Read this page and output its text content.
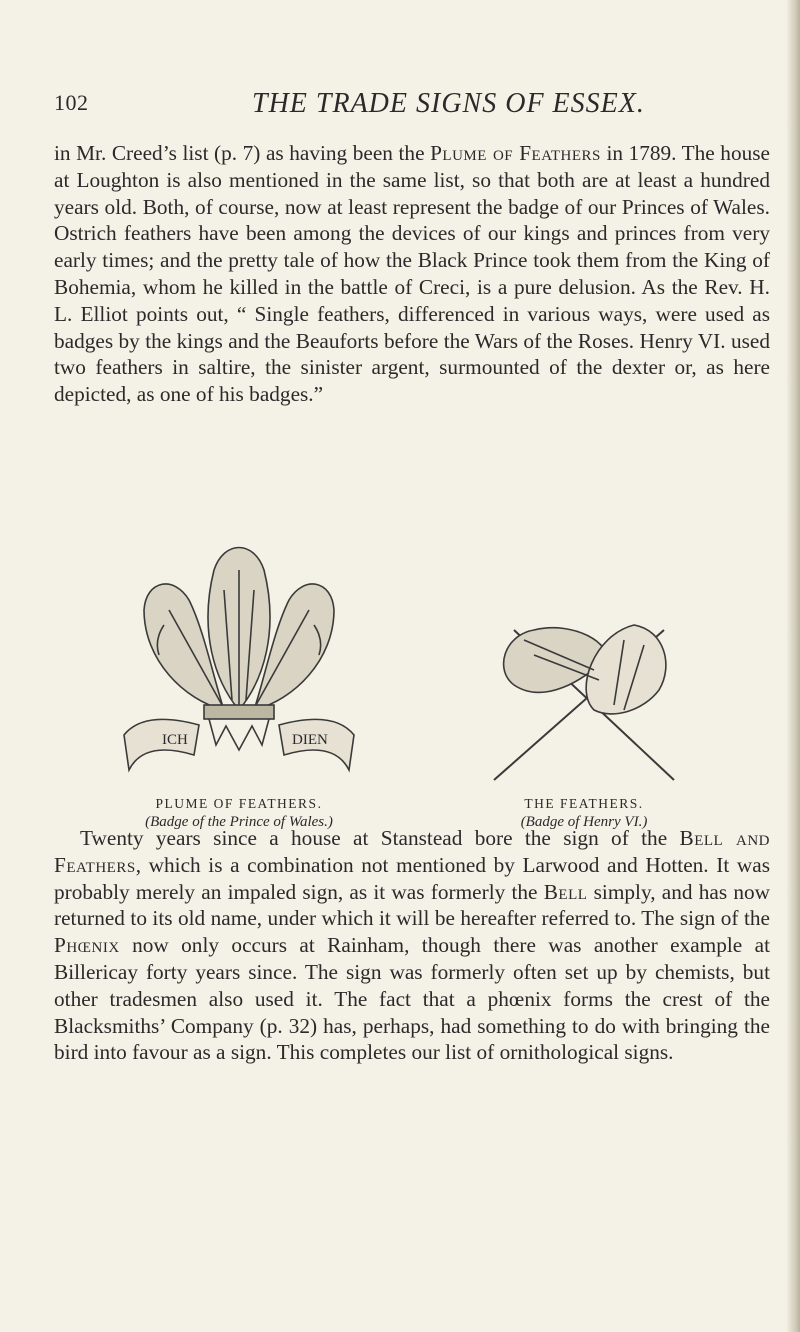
102	THE TRADE SIGNS OF ESSEX.

in Mr. Creed’s list (p. 7) as having been the Plume of Feathers in 1789. The house at Loughton is also mentioned in the same list, so that both are at least a hundred years old. Both, of course, now at least represent the badge of our Princes of Wales. Ostrich feathers have been among the devices of our kings and princes from very early times; and the pretty tale of how the Black Prince took them from the King of Bohemia, whom he killed in the battle of Creci, is a pure delusion. As the Rev. H. L. Elliot points out, “ Single feathers, differenced in various ways, were used as badges by the kings and the Beauforts before the Wars of the Roses. Henry VI. used two feathers in saltire, the sinister argent, surmounted of the dexter or, as here depicted, as one of his badges.”

ICH	DIEN
PLUME OF FEATHERS.
(Badge of the Prince of Wales.)
THE FEATHERS.
(Badge of Henry VI.)

Twenty years since a house at Stanstead bore the sign of the Bell and Feathers, which is a combination not mentioned by Larwood and Hotten. It was probably merely an impaled sign, as it was formerly the Bell simply, and has now returned to its old name, under which it will be hereafter referred to. The sign of the Phœnix now only occurs at Rainham, though there was another example at Billericay forty years since. The sign was formerly often set up by chemists, but other tradesmen also used it. The fact that a phœnix forms the crest of the Blacksmiths’ Company (p. 32) has, perhaps, had something to do with bringing the bird into favour as a sign. This completes our list of ornithological signs.
